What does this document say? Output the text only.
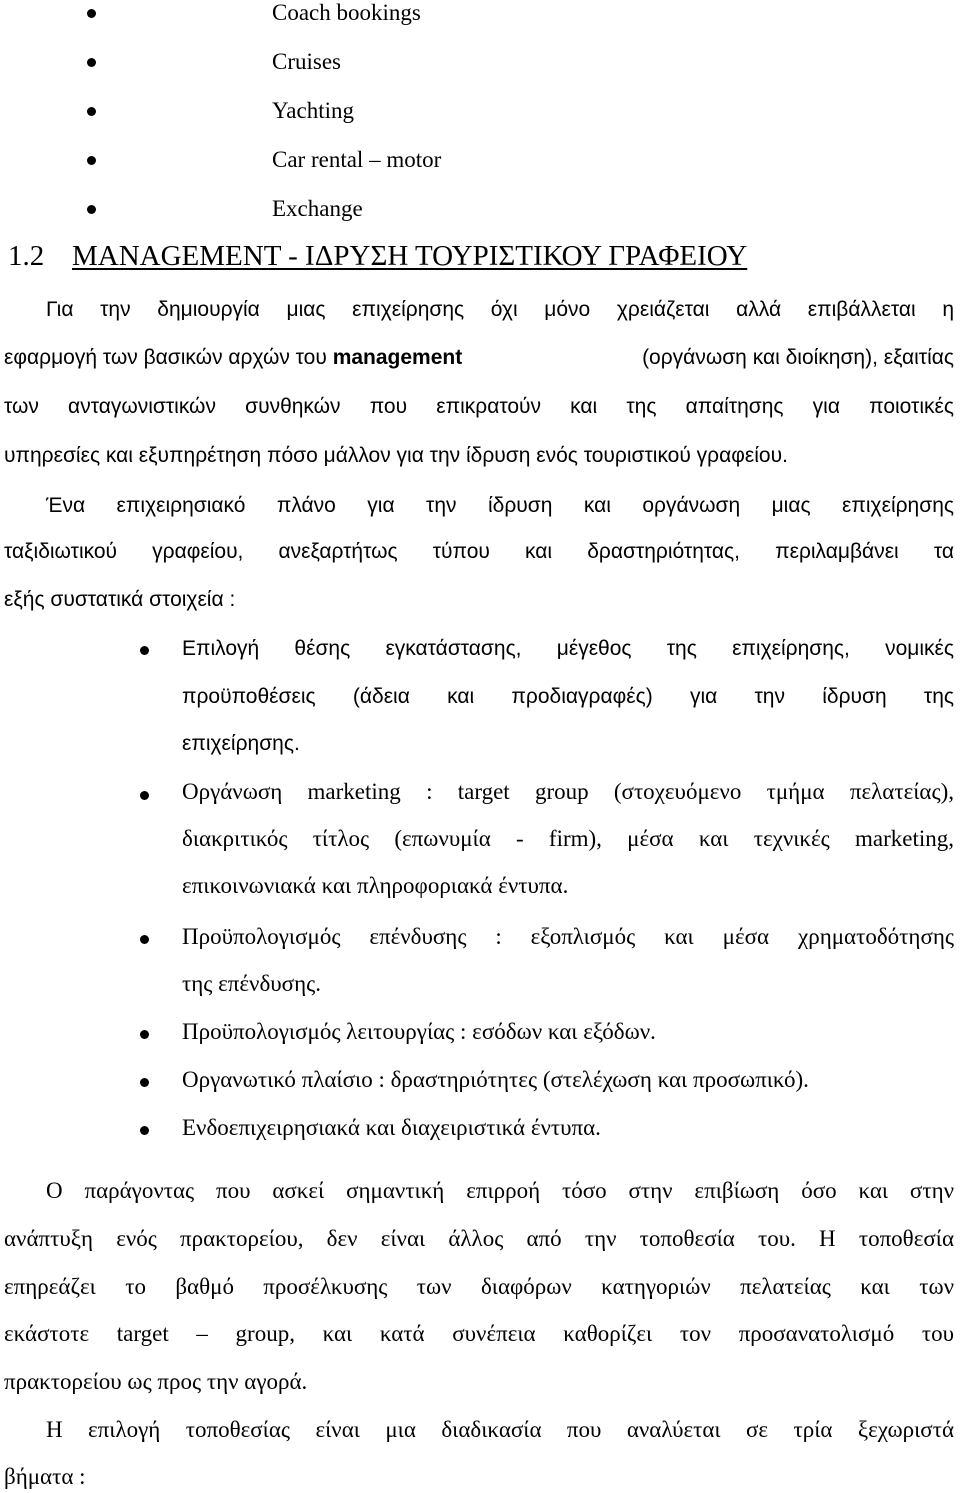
Coach bookings
Cruises
Yachting
Car rental – motor
Exchange
1.2 MANAGEMENT - ΙΔΡΥΣΗ ΤΟΥΡΙΣΤΙΚΟΥ ΓΡΑΦΕΙΟΥ
Για την δημιουργία μιας επιχείρησης όχι μόνο χρειάζεται αλλά επιβάλλεται η
εφαρμογή των βασικών αρχών του management	(οργάνωση και διοίκηση), εξαιτίας
των ανταγωνιστικών συνθηκών που επικρατούν και της απαίτησης για ποιοτικές
υπηρεσίες και εξυπηρέτηση πόσο μάλλον για την ίδρυση ενός τουριστικού γραφείου.
Ένα επιχειρησιακό πλάνο για την ίδρυση και οργάνωση μιας επιχείρησης
ταξιδιωτικού γραφείου, ανεξαρτήτως τύπου και δραστηριότητας, περιλαμβάνει τα
εξής συστατικά στοιχεία :
Επιλογή θέσης εγκατάστασης, μέγεθος της επιχείρησης, νομικές
προϋποθέσεις (άδεια και προδιαγραφές) για την ίδρυση της
επιχείρησης.
Οργάνωση marketing : target group (στοχευόμενο τμήμα πελατείας),
διακριτικός τίτλος (επωνυμία - firm), μέσα και τεχνικές marketing,
επικοινωνιακά και πληροφοριακά έντυπα.
Προϋπολογισμός επένδυσης : εξοπλισμός και μέσα χρηματοδότησης
της επένδυσης.
Προϋπολογισμός λειτουργίας : εσόδων και εξόδων.
Οργανωτικό πλαίσιο : δραστηριότητες (στελέχωση και προσωπικό).
Ενδοεπιχειρησιακά και διαχειριστικά έντυπα.
Ο παράγοντας που ασκεί σημαντική επιρροή τόσο στην επιβίωση όσο και στην
ανάπτυξη ενός πρακτορείου, δεν είναι άλλος από την τοποθεσία του. Η τοποθεσία
επηρεάζει το βαθμό προσέλκυσης των διαφόρων κατηγοριών πελατείας και των
εκάστοτε target – group, και κατά συνέπεια καθορίζει τον προσανατολισμό του
πρακτορείου ως προς την αγορά.
Η επιλογή τοποθεσίας είναι μια διαδικασία που αναλύεται σε τρία ξεχωριστά
βήματα :
